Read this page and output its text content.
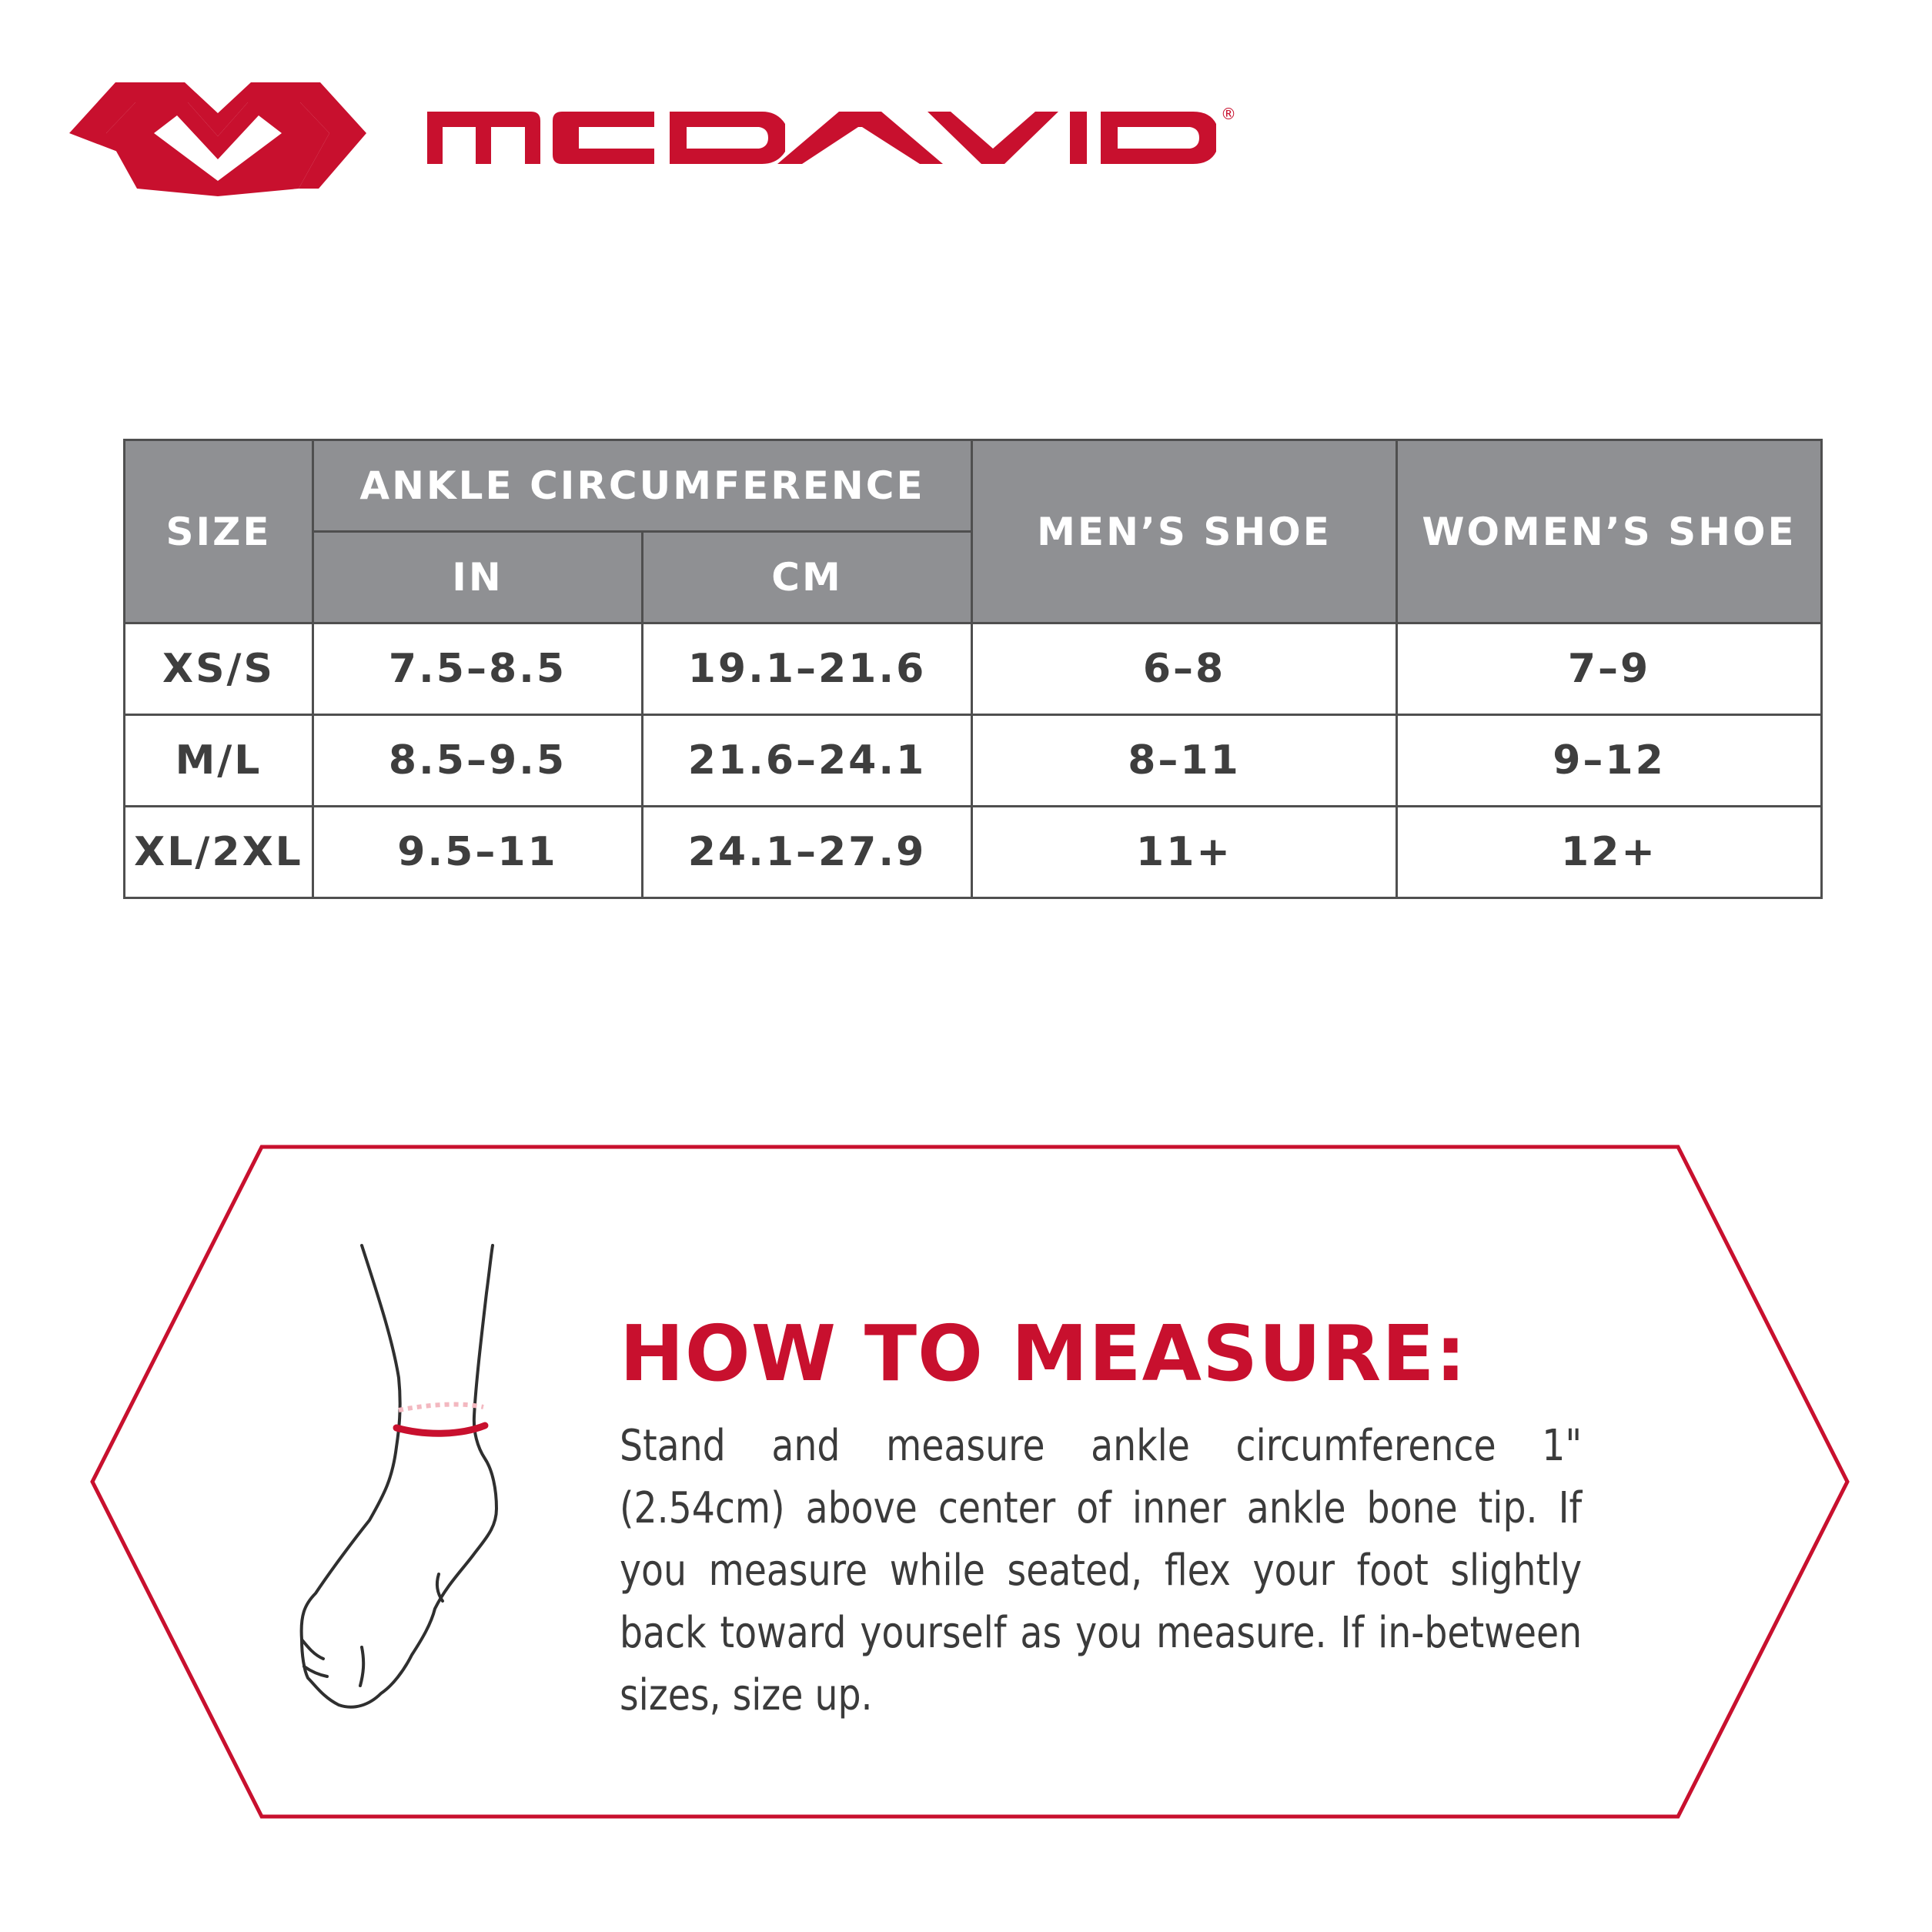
®
SIZE	ANKLE CIRCUMFERENCE		MEN’S SHOE	WOMEN’S SHOE
	IN	CM		
XS/S	7.5–8.5	19.1–21.6	6–8	7–9
M/L	8.5–9.5	21.6–24.1	8–11	9–12
XL/2XL	9.5–11	24.1–27.9	11+	12+
HOW TO MEASURE:
Stand and measure ankle circumference 1" (2.54cm) above center of inner ankle bone tip. If you measure while seated, flex your foot slightly back toward yourself as you measure. If in-between sizes, size up.
